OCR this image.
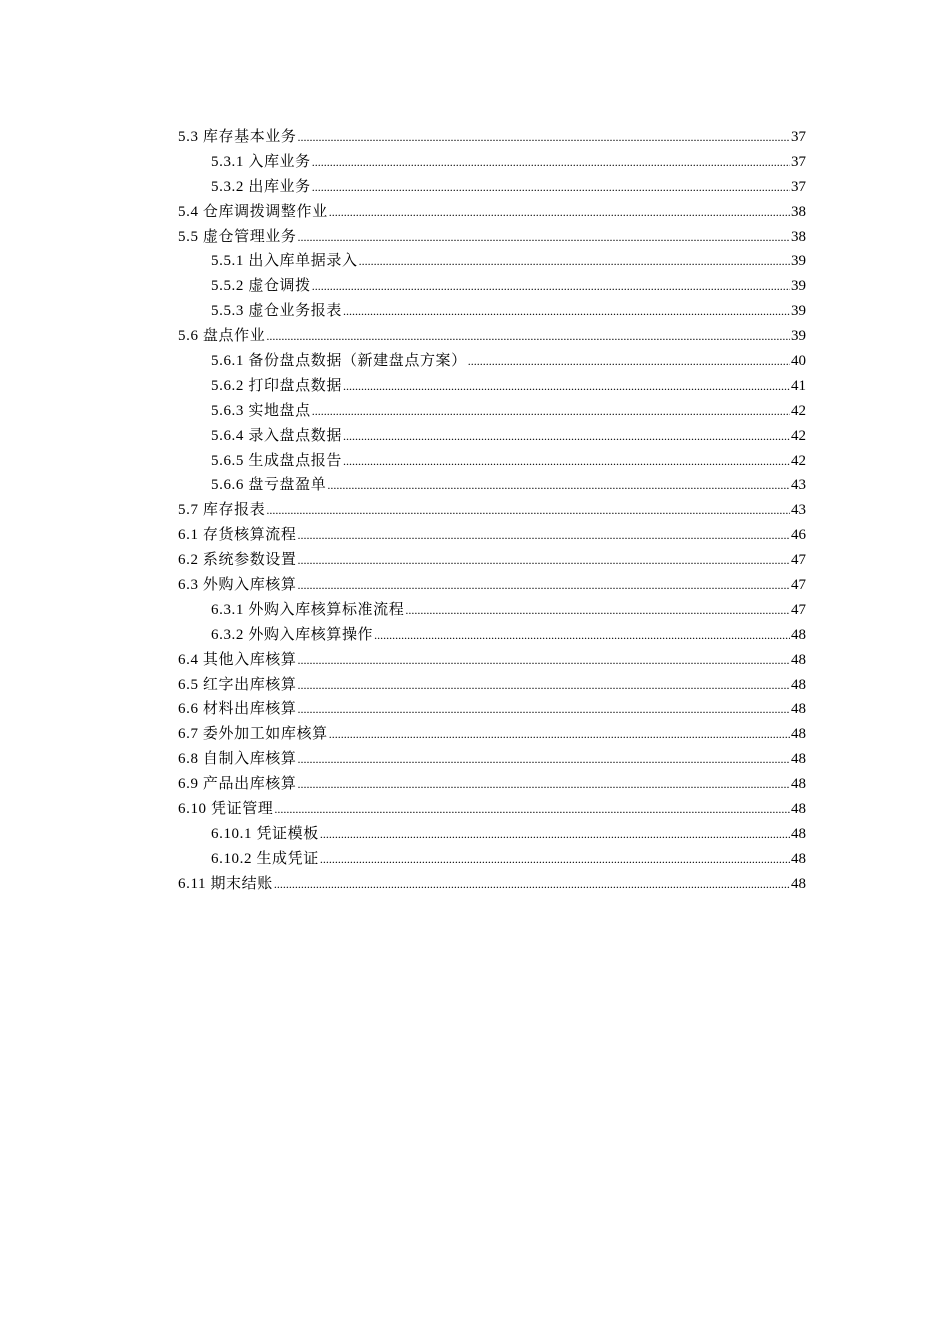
5.3 库存基本业务 .....	37
5.3.1 入库业务 .....	37
5.3.2 出库业务 .....	37
5.4 仓库调拨调整作业 .....	38
5.5 虚仓管理业务 .....	38
5.5.1 出入库单据录入 .....	39
5.5.2 虚仓调拨 .....	39
5.5.3 虚仓业务报表 .....	39
5.6 盘点作业 .....	39
5.6.1 备份盘点数据（新建盘点方案） .....	40
5.6.2 打印盘点数据 .....	41
5.6.3 实地盘点 .....	42
5.6.4 录入盘点数据 .....	42
5.6.5 生成盘点报告 .....	42
5.6.6 盘亏盘盈单 .....	43
5.7 库存报表 .....	43
6.1 存货核算流程 .....	46
6.2 系统参数设置 .....	47
6.3 外购入库核算 .....	47
6.3.1 外购入库核算标准流程 .....	47
6.3.2 外购入库核算操作 .....	48
6.4 其他入库核算 .....	48
6.5 红字出库核算 .....	48
6.6 材料出库核算 .....	48
6.7 委外加工如库核算 .....	48
6.8 自制入库核算 .....	48
6.9 产品出库核算 .....	48
6.10 凭证管理 .....	48
6.10.1 凭证模板 .....	48
6.10.2 生成凭证 .....	48
6.11 期末结账 .....	48
